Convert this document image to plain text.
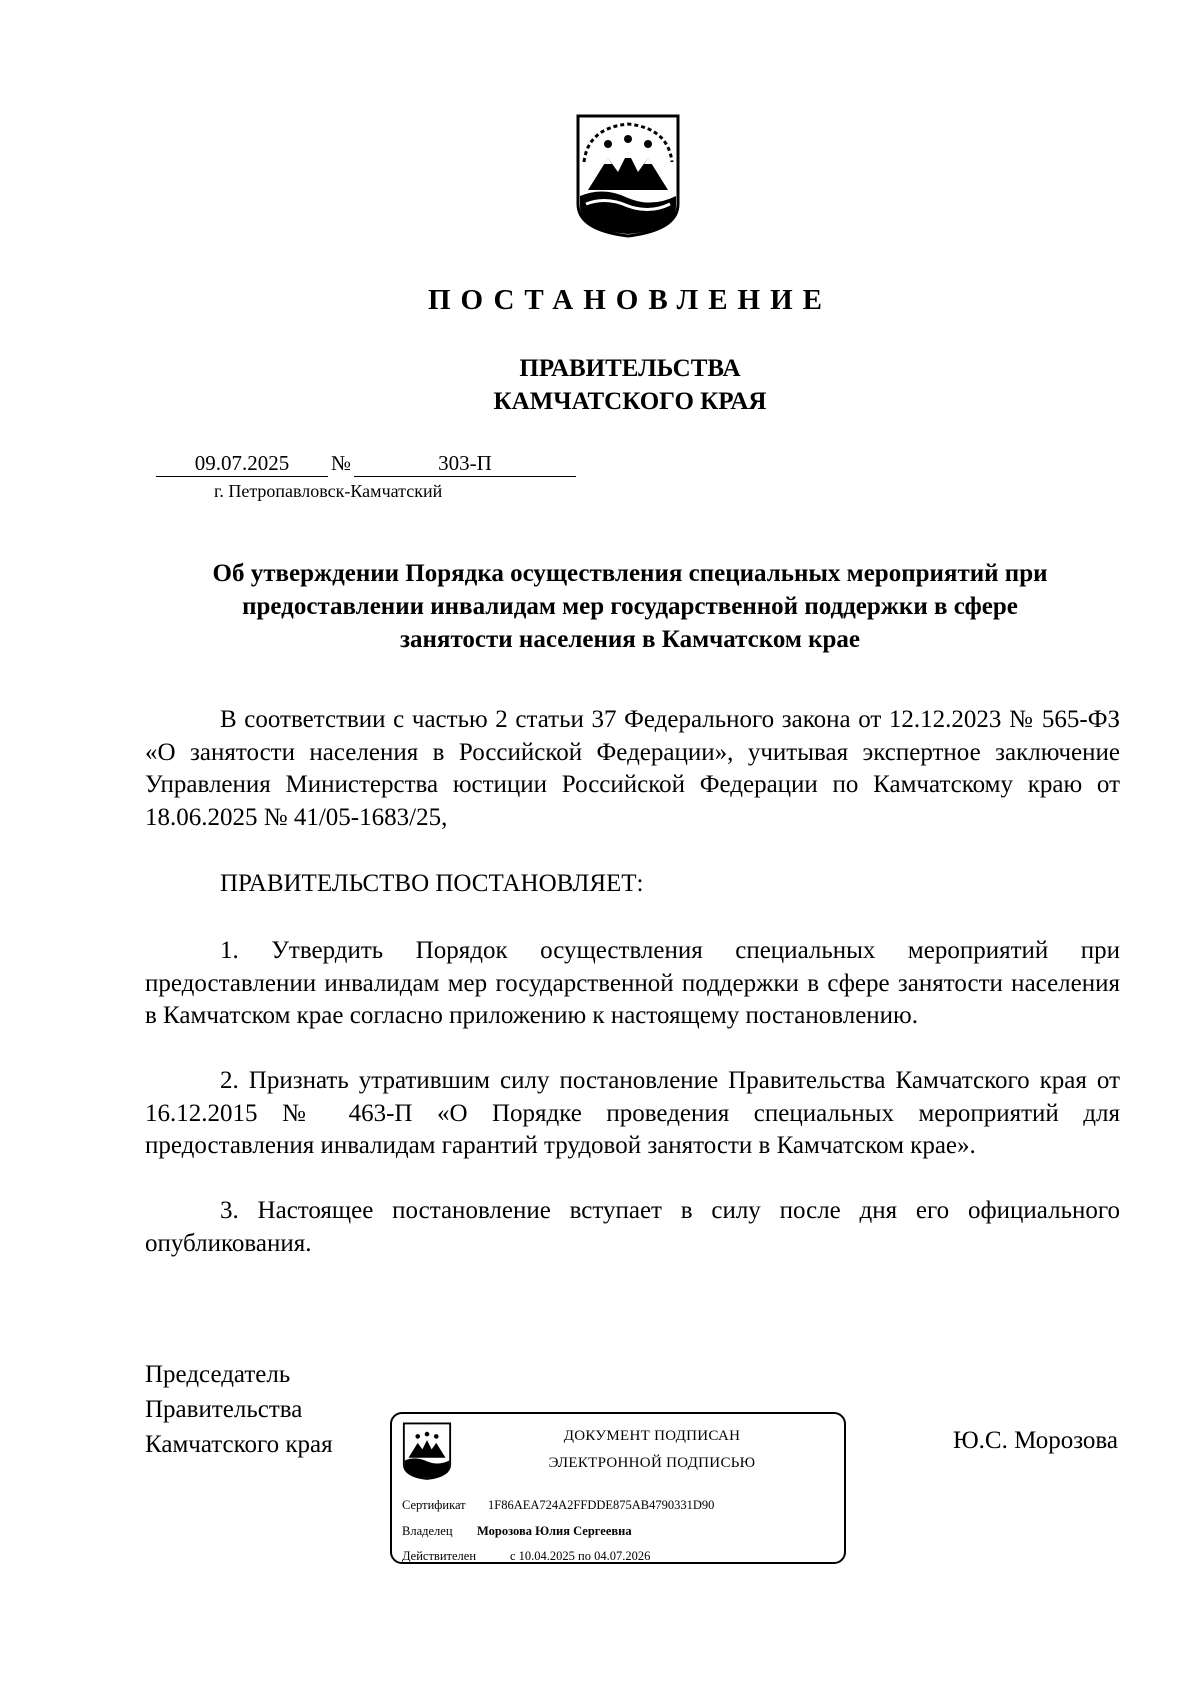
ПОСТАНОВЛЕНИЕ
ПРАВИТЕЛЬСТВА
КАМЧАТСКОГО КРАЯ
09.07.2025	№	303-П
г. Петропавловск-Камчатский
Об утверждении Порядка осуществления специальных мероприятий при
предоставлении инвалидам мер государственной поддержки в сфере
занятости населения в Камчатском крае

В соответствии с частью 2 статьи 37 Федерального закона от 12.12.2023 № 565-ФЗ «О занятости населения в Российской Федерации», учитывая экспертное заключение Управления Министерства юстиции Российской Федерации по Камчатскому краю от 18.06.2025 № 41/05-1683/25,

ПРАВИТЕЛЬСТВО ПОСТАНОВЛЯЕТ:

1. Утвердить Порядок осуществления специальных мероприятий при предоставлении инвалидам мер государственной поддержки в сфере занятости населения в Камчатском крае согласно приложению к настоящему постановлению.

2. Признать утратившим силу постановление Правительства Камчатского края от 16.12.2015 № 463-П «О Порядке проведения специальных мероприятий для предоставления инвалидам гарантий трудовой занятости в Камчатском крае».

3. Настоящее постановление вступает в силу после дня его официального опубликования.

Председатель
Правительства
Камчатского края	ДОКУМЕНТ ПОДПИСАН
ЭЛЕКТРОННОЙ ПОДПИСЬЮ
Сертификат 1F86AEA724A2FFDDE875AB4790331D90
Владелец Морозова Юлия Сергеевна
Действителен	с 10.04.2025 по 04.07.2026
Ю.С. Морозова
